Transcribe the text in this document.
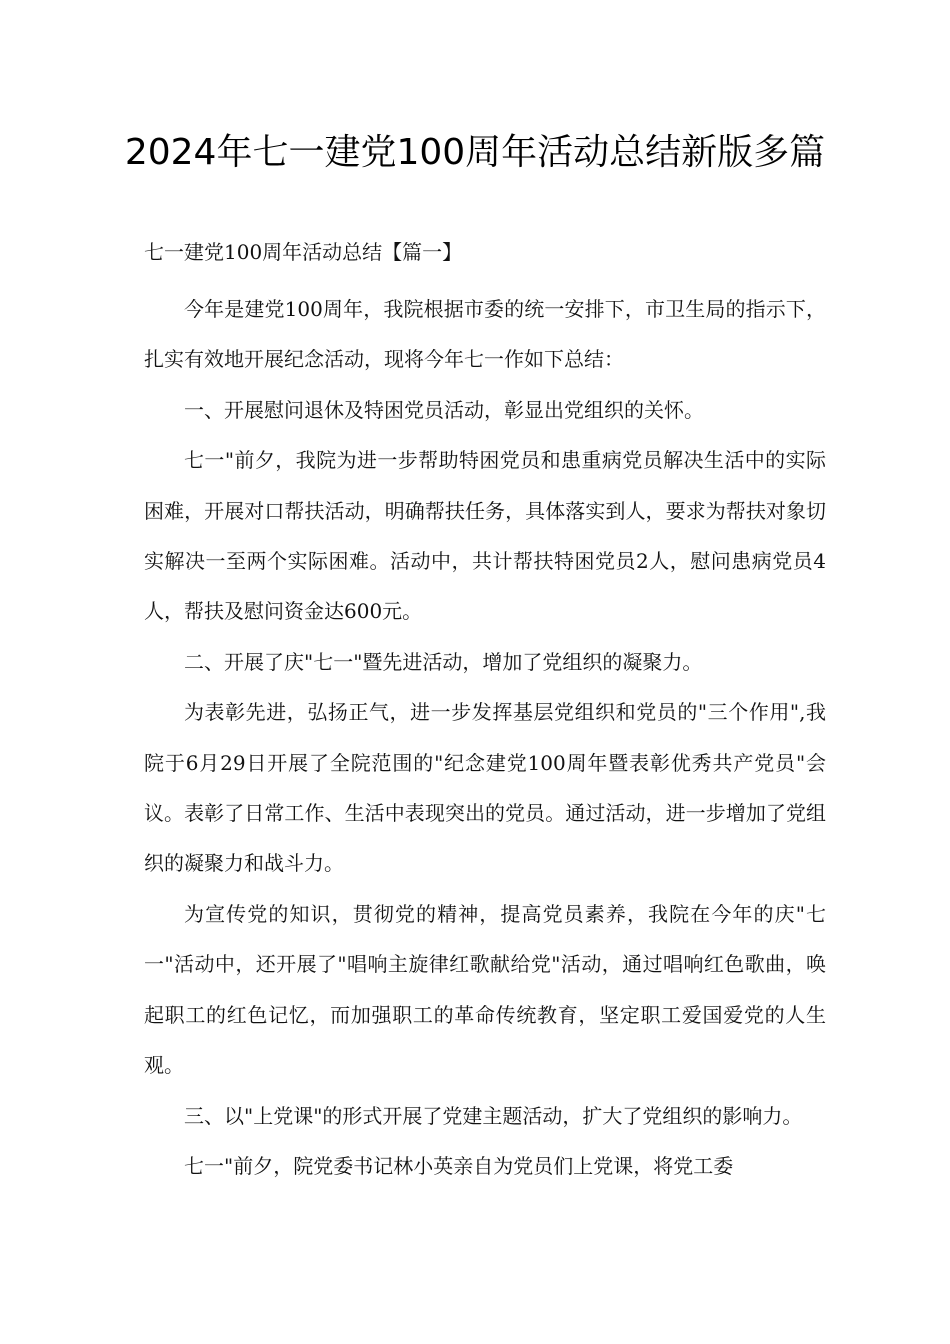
2024年七一建党100周年活动总结新版多篇

七一建党100周年活动总结【篇一】

今年是建党100周年，我院根据市委的统一安排下，市卫生局的指示下，扎实有效地开展纪念活动，现将今年七一作如下总结：

一、开展慰问退休及特困党员活动，彰显出党组织的关怀。

七一"前夕，我院为进一步帮助特困党员和患重病党员解决生活中的实际困难，开展对口帮扶活动，明确帮扶任务，具体落实到人，要求为帮扶对象切实解决一至两个实际困难。活动中，共计帮扶特困党员2人，慰问患病党员4人，帮扶及慰问资金达600元。

二、开展了庆"七一"暨先进活动，增加了党组织的凝聚力。

为表彰先进，弘扬正气，进一步发挥基层党组织和党员的"三个作用",我院于6月29日开展了全院范围的"纪念建党100周年暨表彰优秀共产党员"会议。表彰了日常工作、生活中表现突出的党员。通过活动，进一步增加了党组织的凝聚力和战斗力。

为宣传党的知识，贯彻党的精神，提高党员素养，我院在今年的庆"七一"活动中，还开展了"唱响主旋律红歌献给党"活动，通过唱响红色歌曲，唤起职工的红色记忆，而加强职工的革命传统教育，坚定职工爱国爱党的人生观。

三、以"上党课"的形式开展了党建主题活动，扩大了党组织的影响力。

七一"前夕，院党委书记林小英亲自为党员们上党课，将党工委
